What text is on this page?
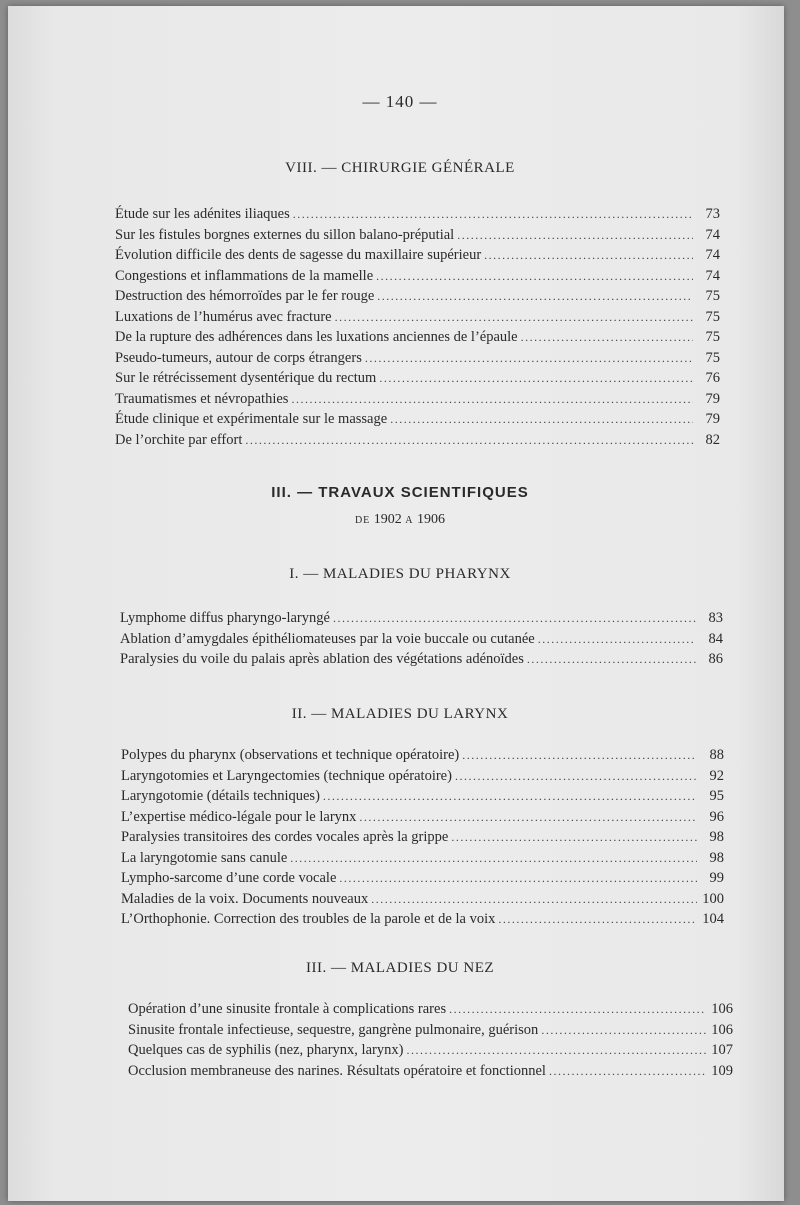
— 140 —
VIII. — CHIRURGIE GÉNÉRALE
Étude sur les adénites iliaques .....	73
Sur les fistules borgnes externes du sillon balano-préputial .....	74
Évolution difficile des dents de sagesse du maxillaire supérieur .....	74
Congestions et inflammations de la mamelle .....	74
Destruction des hémorroïdes par le fer rouge .....	75
Luxations de l’humérus avec fracture .....	75
De la rupture des adhérences dans les luxations anciennes de l’épaule .....	75
Pseudo-tumeurs, autour de corps étrangers .....	75
Sur le rétrécissement dysentérique du rectum .....	76
Traumatismes et névropathies .....	79
Étude clinique et expérimentale sur le massage .....	79
De l’orchite par effort .....	82
III. — TRAVAUX SCIENTIFIQUES
DE 1902 A 1906
I. — MALADIES DU PHARYNX
Lymphome diffus pharyngo-laryngé .....	83
Ablation d’amygdales épithéliomateuses par la voie buccale ou cutanée .....	84
Paralysies du voile du palais après ablation des végétations adénoïdes .....	86
II. — MALADIES DU LARYNX
Polypes du pharynx (observations et technique opératoire) .....	88
Laryngotomies et Laryngectomies (technique opératoire) .....	92
Laryngotomie (détails techniques) .....	95
L’expertise médico-légale pour le larynx .....	96
Paralysies transitoires des cordes vocales après la grippe .....	98
La laryngotomie sans canule .....	98
Lympho-sarcome d’une corde vocale .....	99
Maladies de la voix. Documents nouveaux .....	100
L’Orthophonie. Correction des troubles de la parole et de la voix .....	104
III. — MALADIES DU NEZ
Opération d’une sinusite frontale à complications rares .....	106
Sinusite frontale infectieuse, sequestre, gangrène pulmonaire, guérison .....	106
Quelques cas de syphilis (nez, pharynx, larynx) .....	107
Occlusion membraneuse des narines. Résultats opératoire et fonctionnel .....	109
